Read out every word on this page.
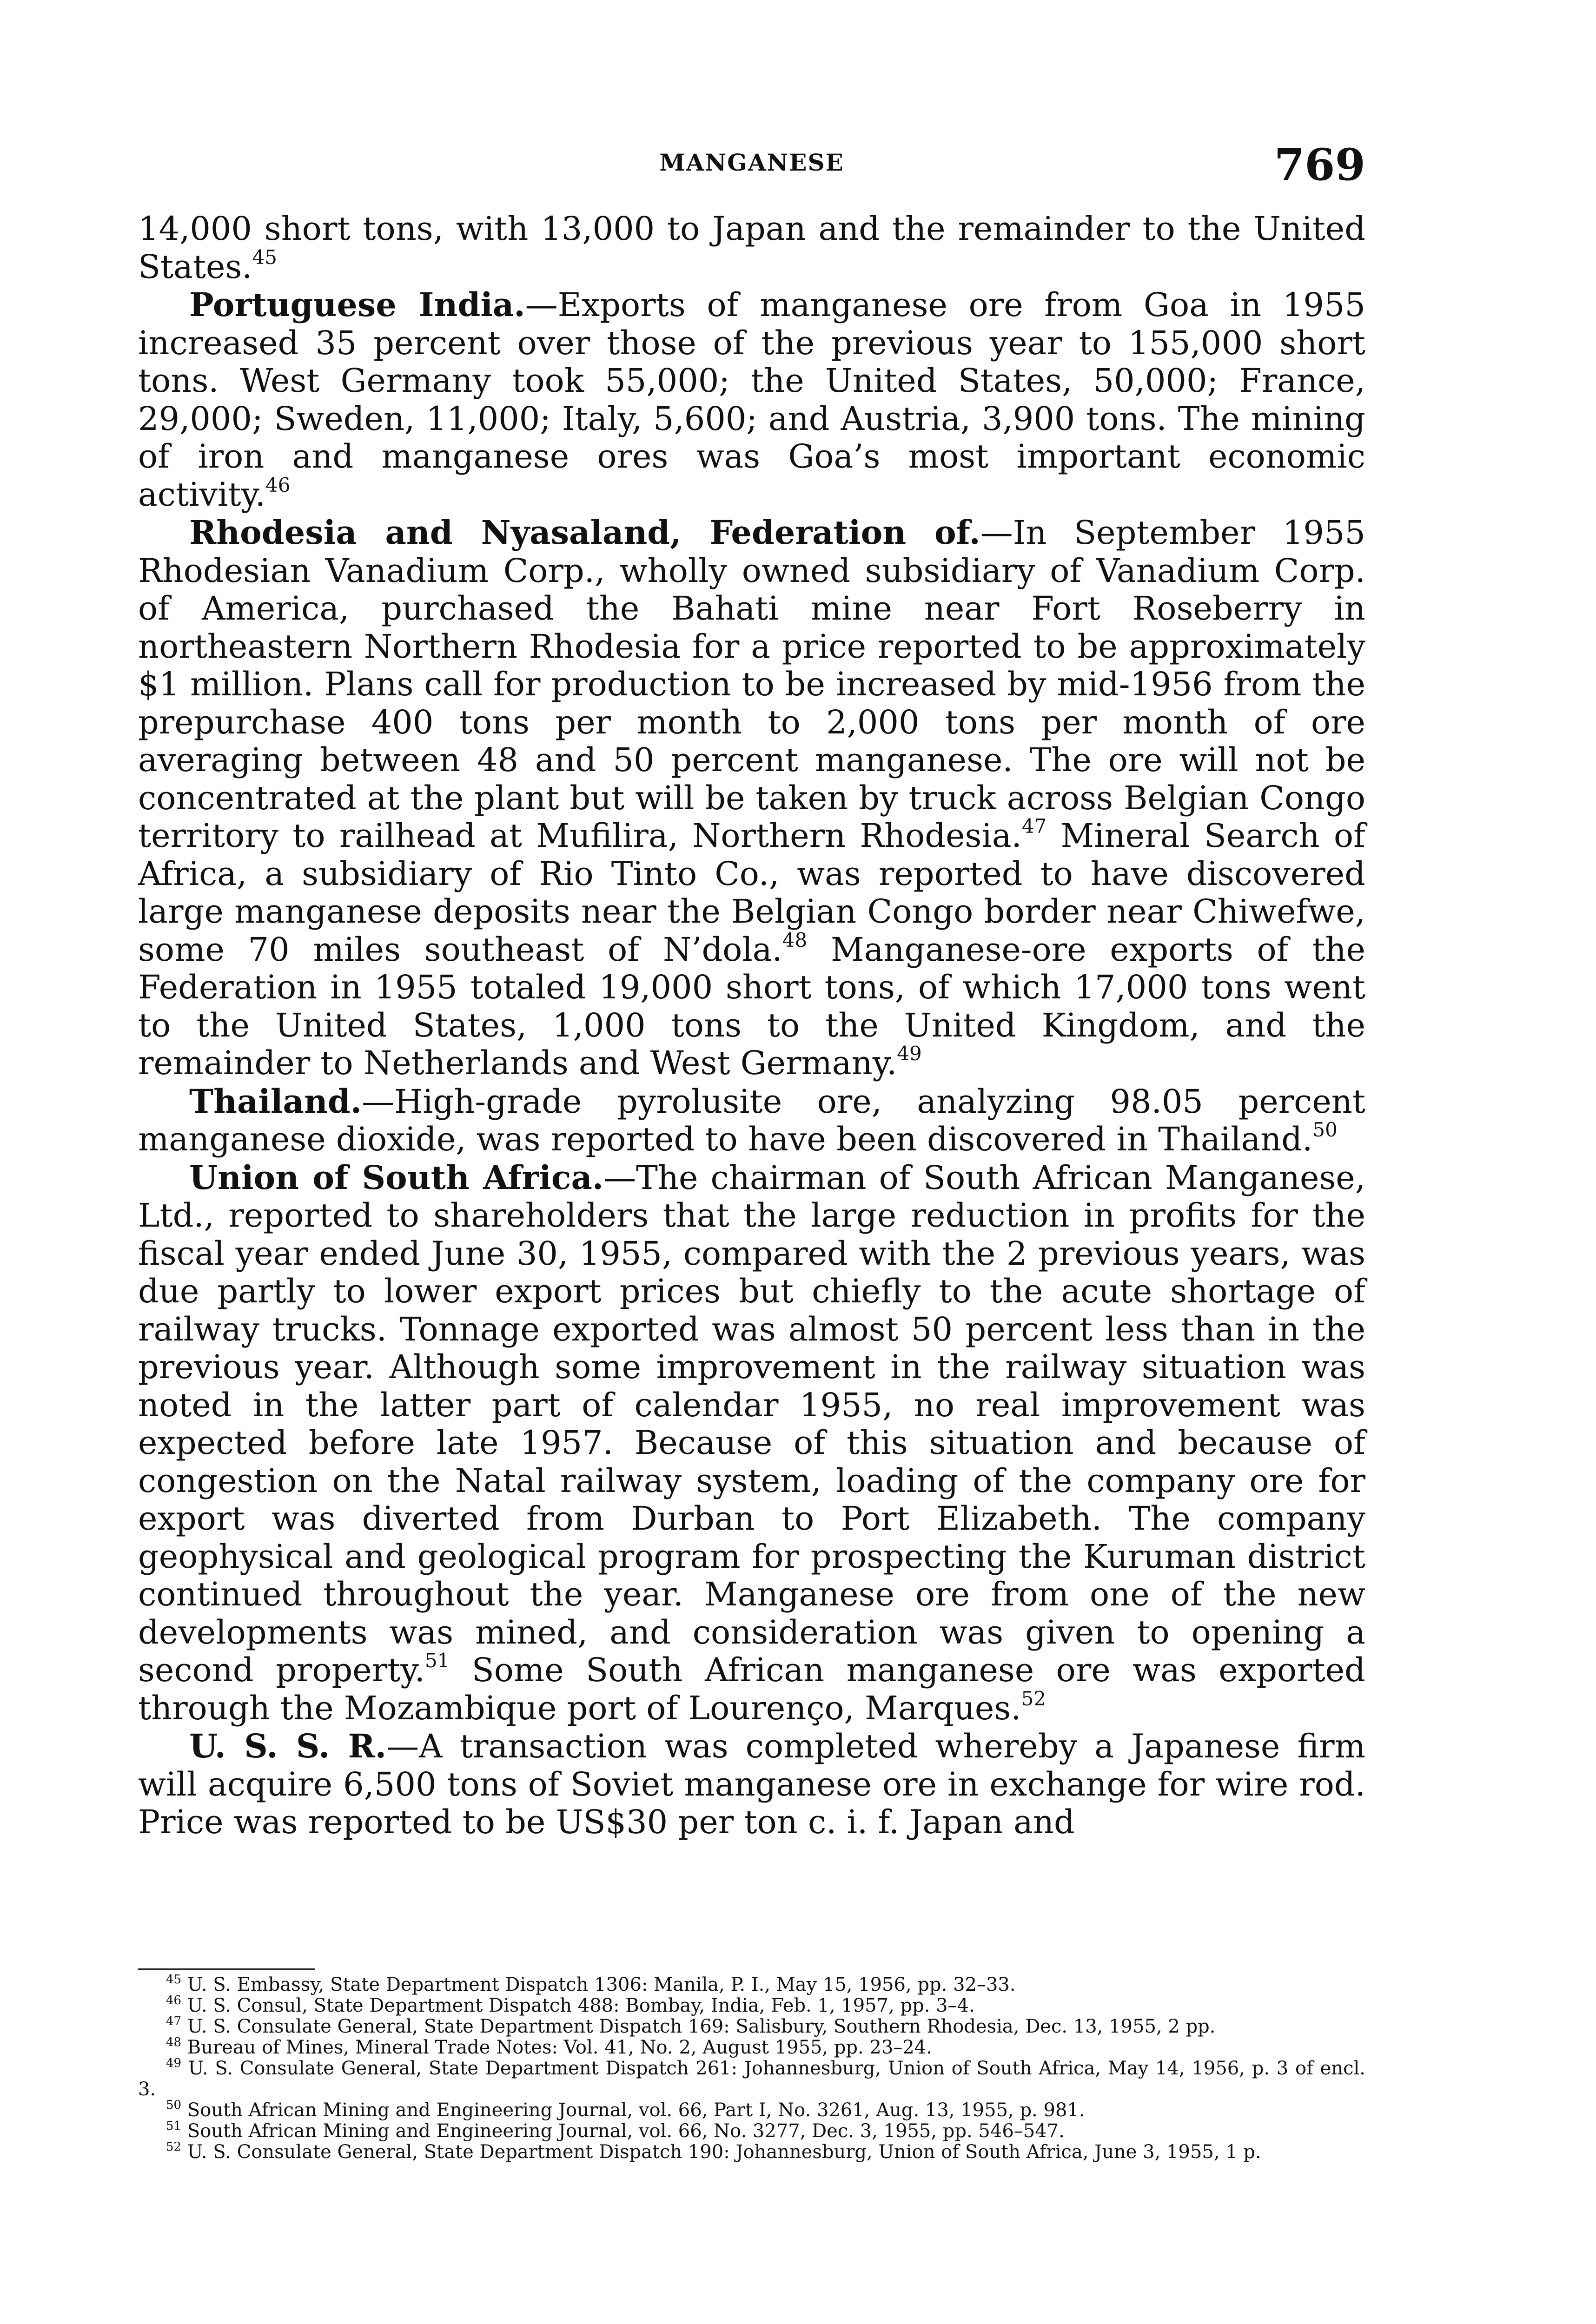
MANGANESE	769

14,000 short tons, with 13,000 to Japan and the remainder to the United States.$^{45}$

Portuguese India.—Exports of manganese ore from Goa in 1955 increased 35 percent over those of the previous year to 155,000 short tons. West Germany took 55,000; the United States, 50,000; France, 29,000; Sweden, 11,000; Italy, 5,600; and Austria, 3,900 tons. The mining of iron and manganese ores was Goa’s most important economic activity.$^{46}$

Rhodesia and Nyasaland, Federation of.—In September 1955 Rhodesian Vanadium Corp., wholly owned subsidiary of Vanadium Corp. of America, purchased the Bahati mine near Fort Roseberry in northeastern Northern Rhodesia for a price reported to be approximately $1 million. Plans call for production to be increased by mid-1956 from the prepurchase 400 tons per month to 2,000 tons per month of ore averaging between 48 and 50 percent manganese. The ore will not be concentrated at the plant but will be taken by truck across Belgian Congo territory to railhead at Mufilira, Northern Rhodesia.$^{47}$ Mineral Search of Africa, a subsidiary of Rio Tinto Co., was reported to have discovered large manganese deposits near the Belgian Congo border near Chiwefwe, some 70 miles southeast of N’dola.$^{48}$ Manganese-ore exports of the Federation in 1955 totaled 19,000 short tons, of which 17,000 tons went to the United States, 1,000 tons to the United Kingdom, and the remainder to Netherlands and West Germany.$^{49}$

Thailand.—High-grade pyrolusite ore, analyzing 98.05 percent manganese dioxide, was reported to have been discovered in Thailand.$^{50}$

Union of South Africa.—The chairman of South African Manganese, Ltd., reported to shareholders that the large reduction in profits for the fiscal year ended June 30, 1955, compared with the 2 previous years, was due partly to lower export prices but chiefly to the acute shortage of railway trucks. Tonnage exported was almost 50 percent less than in the previous year. Although some improvement in the railway situation was noted in the latter part of calendar 1955, no real improvement was expected before late 1957. Because of this situation and because of congestion on the Natal railway system, loading of the company ore for export was diverted from Durban to Port Elizabeth. The company geophysical and geological program for prospecting the Kuruman district continued throughout the year. Manganese ore from one of the new developments was mined, and consideration was given to opening a second property.$^{51}$ Some South African manganese ore was exported through the Mozambique port of Lourenço, Marques.$^{52}$

U. S. S. R.—A transaction was completed whereby a Japanese firm will acquire 6,500 tons of Soviet manganese ore in exchange for wire rod. Price was reported to be US$30 per ton c. i. f. Japan and

$^{45}$ U. S. Embassy, State Department Dispatch 1306: Manila, P. I., May 15, 1956, pp. 32–33.

$^{46}$ U. S. Consul, State Department Dispatch 488: Bombay, India, Feb. 1, 1957, pp. 3–4.

$^{47}$ U. S. Consulate General, State Department Dispatch 169: Salisbury, Southern Rhodesia, Dec. 13, 1955, 2 pp.

$^{48}$ Bureau of Mines, Mineral Trade Notes: Vol. 41, No. 2, August 1955, pp. 23–24.

$^{49}$ U. S. Consulate General, State Department Dispatch 261: Johannesburg, Union of South Africa, May 14, 1956, p. 3 of encl. 3.

$^{50}$ South African Mining and Engineering Journal, vol. 66, Part I, No. 3261, Aug. 13, 1955, p. 981.

$^{51}$ South African Mining and Engineering Journal, vol. 66, No. 3277, Dec. 3, 1955, pp. 546–547.

$^{52}$ U. S. Consulate General, State Department Dispatch 190: Johannesburg, Union of South Africa, June 3, 1955, 1 p.
